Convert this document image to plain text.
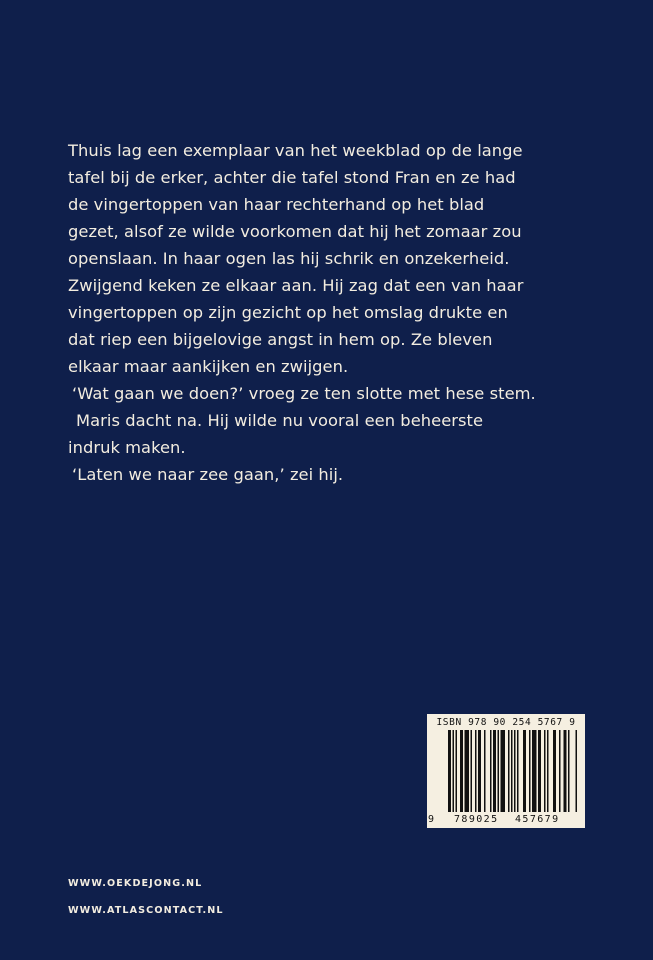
Thuis lag een exemplaar van het weekblad op de lange
tafel bij de erker, achter die tafel stond Fran en ze had
de vingertoppen van haar rechterhand op het blad
gezet, alsof ze wilde voorkomen dat hij het zomaar zou
openslaan. In haar ogen las hij schrik en onzekerheid.
Zwijgend keken ze elkaar aan. Hij zag dat een van haar
vingertoppen op zijn gezicht op het omslag drukte en
dat riep een bijgelovige angst in hem op. Ze bleven
elkaar maar aankijken en zwijgen.
‘Wat gaan we doen?’ vroeg ze ten slotte met hese stem.
Maris dacht na. Hij wilde nu vooral een beheerste
indruk maken.
‘Laten we naar zee gaan,’ zei hij.
WWW.OEKDEJONG.NL
WWW.ATLASCONTACT.NL
ISBN 978 90 254 5767 9
9 789025 457679
